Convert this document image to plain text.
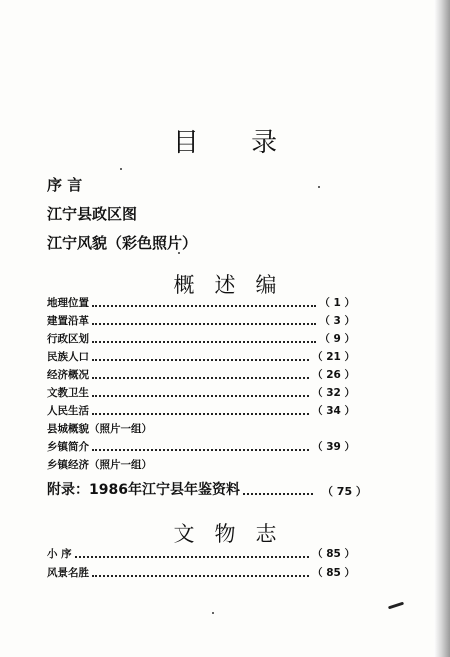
目 录
序 言
江宁县政区图
江宁风貌（彩色照片）
概述编
地理位置	（ 1 ）
建置沿革	（ 3 ）
行政区划	（ 9 ）
民族人口	（ 21 ）
经济概况	（ 26 ）
文教卫生	（ 32 ）
人民生活	（ 34 ）
县城概貌（照片一组）
乡镇简介	（ 39 ）
乡镇经济（照片一组）
附录：1986年江宁县年鉴资料	（ 75 ）
文物志
小 序	（ 85 ）
风景名胜	（ 85 ）
